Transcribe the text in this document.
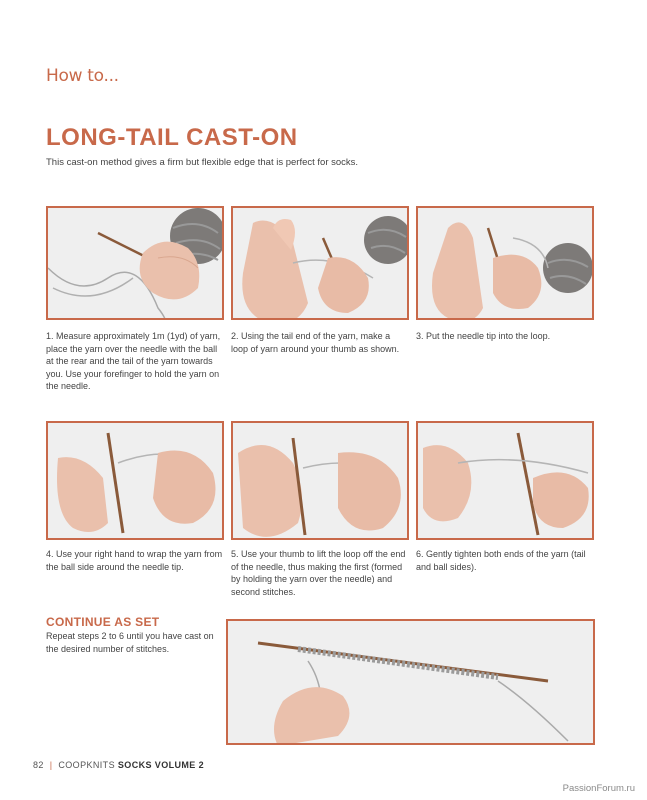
How to...
LONG-TAIL CAST-ON
This cast-on method gives a firm but flexible edge that is perfect for socks.
1. Measure approximately 1m (1yd) of yarn, place the yarn over the needle with the ball at the rear and the tail of the yarn towards you. Use your forefinger to hold the yarn on the needle.
2. Using the tail end of the yarn, make a loop of yarn around your thumb as shown.
3. Put the needle tip into the loop.
4. Use your right hand to wrap the yarn from the ball side around the needle tip.
5. Use your thumb to lift the loop off the end of the needle, thus making the first (formed by holding the yarn over the needle) and second stitches.
6. Gently tighten both ends of the yarn (tail and ball sides).
CONTINUE AS SET
Repeat steps 2 to 6 until you have cast on the desired number of stitches.
82 | COOPKNITS SOCKS VOLUME 2
PassionForum.ru
